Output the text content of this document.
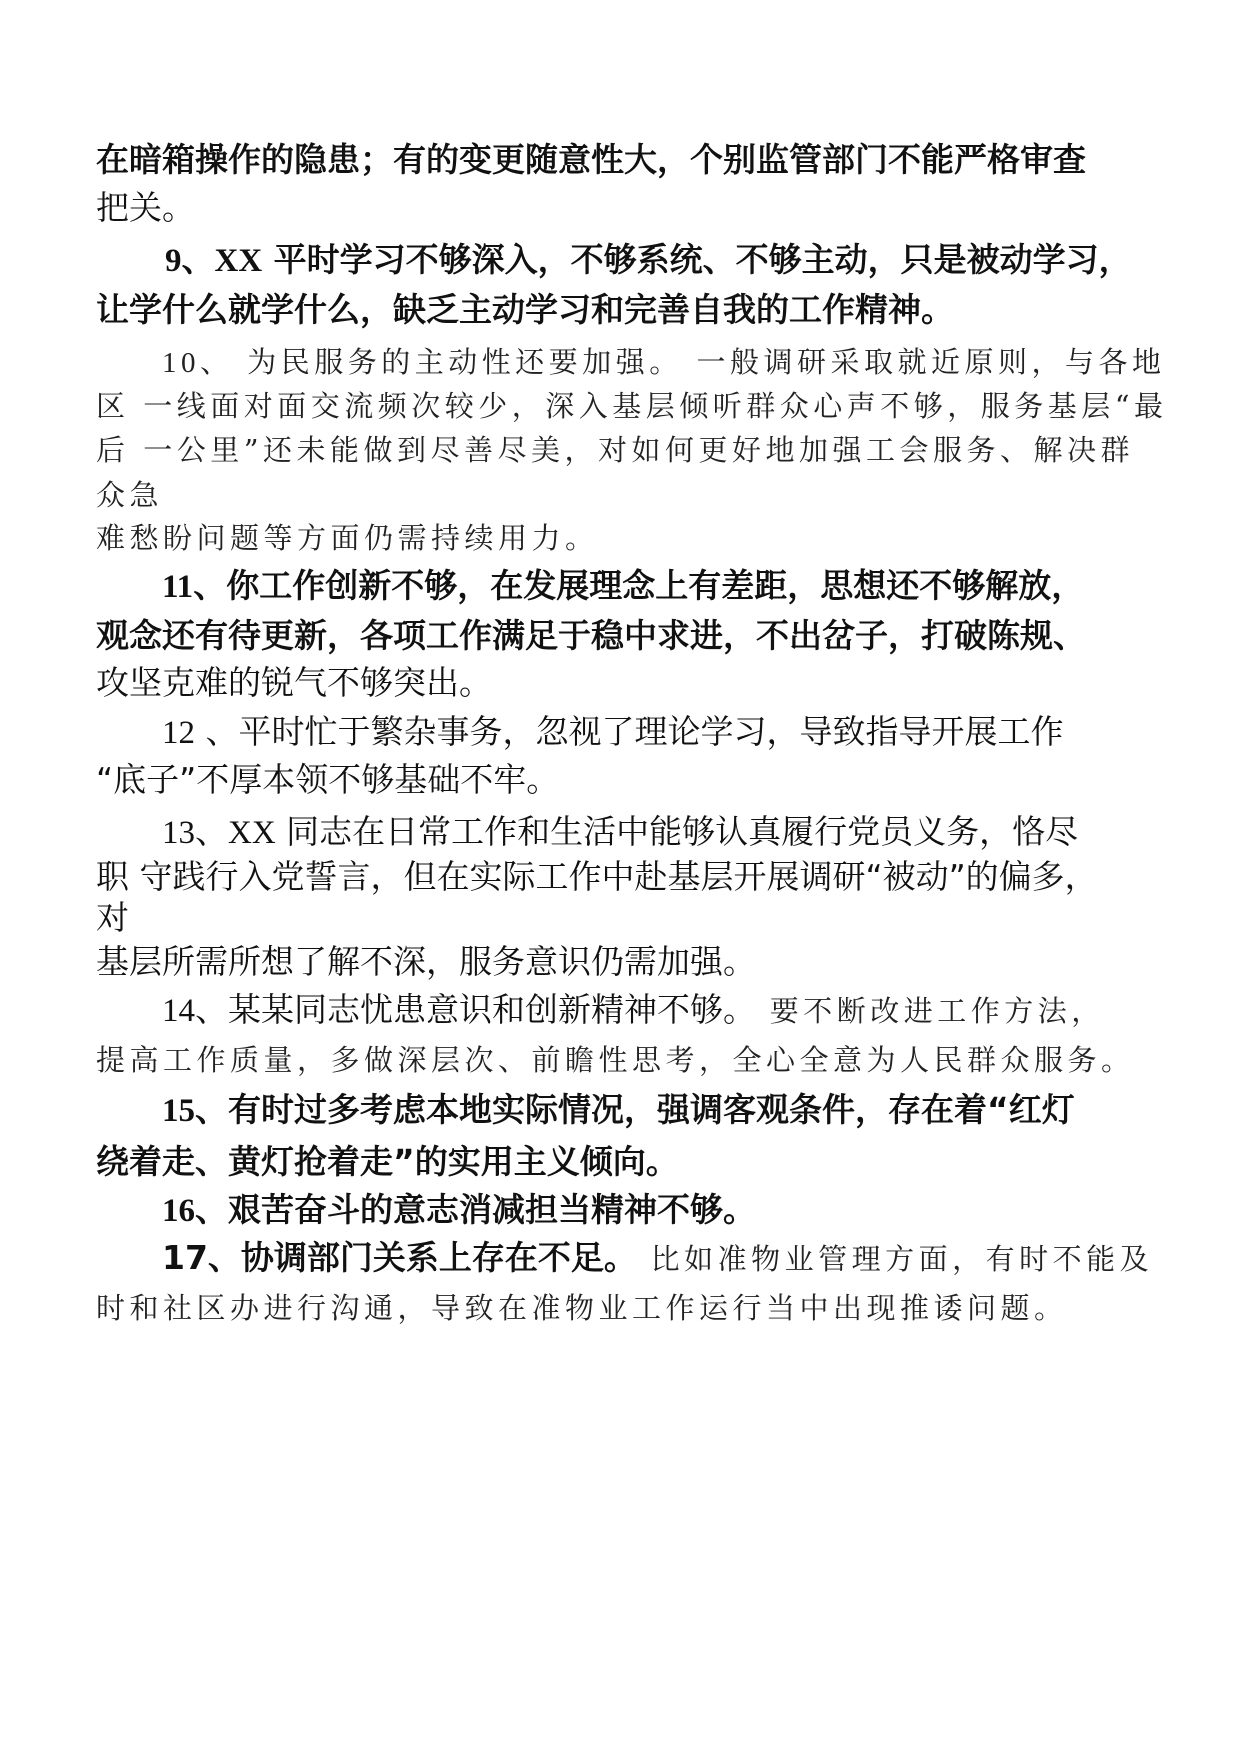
在暗箱操作的隐患；有的变更随意性大，个别监管部门不能严格审查
把关。
9、XX 平时学习不够深入，不够系统、不够主动，只是被动学习，
让学什么就学什么，缺乏主动学习和完善自我的工作精神。
10、 为民服务的主动性还要加强。 一般调研采取就近原则，与各地
区 一线面对面交流频次较少，深入基层倾听群众心声不够，服务基层“最
后 一公里”还未能做到尽善尽美，对如何更好地加强工会服务、解决群
众急
难愁盼问题等方面仍需持续用力。
11、你工作创新不够，在发展理念上有差距，思想还不够解放，
观念还有待更新，各项工作满足于稳中求进，不出岔子，打破陈规、
攻坚克难的锐气不够突出。
12 、平时忙于繁杂事务，忽视了理论学习，导致指导开展工作
“底子”不厚本领不够基础不牢。
13、XX 同志在日常工作和生活中能够认真履行党员义务，恪尽
职 守践行入党誓言，但在实际工作中赴基层开展调研“被动”的偏多，
对
基层所需所想了解不深，服务意识仍需加强。
14、某某同志忧患意识和创新精神不够。 要不断改进工作方法，
提高工作质量，多做深层次、前瞻性思考，全心全意为人民群众服务。
15、有时过多考虑本地实际情况，强调客观条件，存在着“红灯
绕着走、黄灯抢着走”的实用主义倾向。
16、艰苦奋斗的意志消减担当精神不够。
17、协调部门关系上存在不足。 比如准物业管理方面，有时不能及
时和社区办进行沟通，导致在准物业工作运行当中出现推诿问题。
